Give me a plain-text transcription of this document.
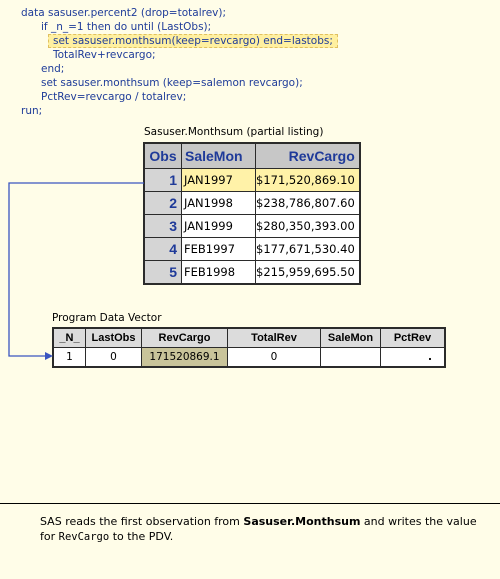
data sasuser.percent2 (drop=totalrev);
if _n_=1 then do until (LastObs);
set sasuser.monthsum(keep=revcargo) end=lastobs;
TotalRev+revcargo;
end;
set sasuser.monthsum (keep=salemon revcargo);
PctRev=revcargo / totalrev;
run;
Sasuser.Monthsum (partial listing)
Obs	SaleMon	RevCargo
1	JAN1997	$171,520,869.10
2	JAN1998	$238,786,807.60
3	JAN1999	$280,350,393.00
4	FEB1997	$177,671,530.40
5	FEB1998	$215,959,695.50
Program Data Vector
_N_	LastObs	RevCargo	TotalRev	SaleMon	PctRev
1	0	171520869.1	0		.
SAS reads the first observation from Sasuser.Monthsum and writes the value for RevCargo to the PDV.
